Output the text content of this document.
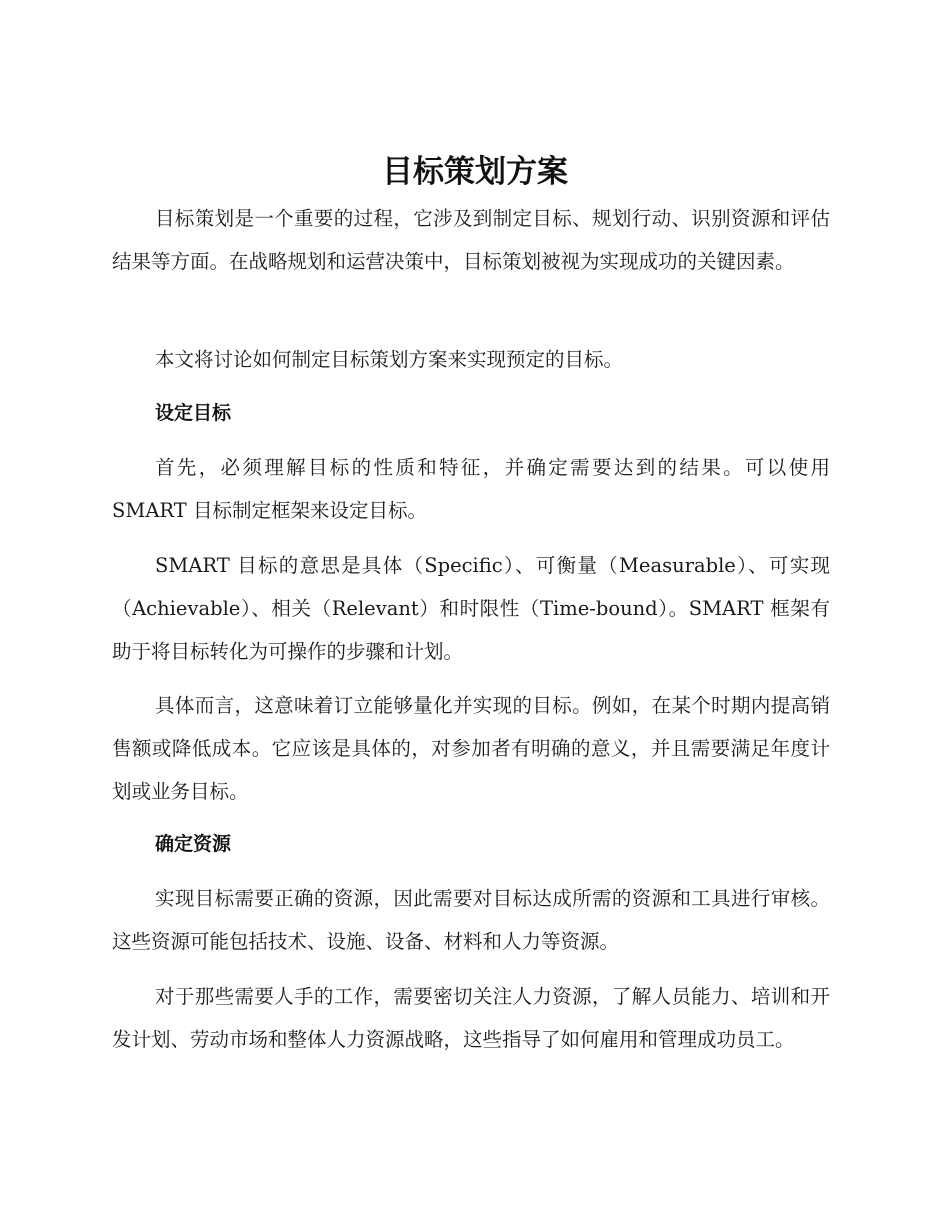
目标策划方案

目标策划是一个重要的过程，它涉及到制定目标、规划行动、识别资源和评估结果等方面。在战略规划和运营决策中，目标策划被视为实现成功的关键因素。

本文将讨论如何制定目标策划方案来实现预定的目标。

设定目标

首先，必须理解目标的性质和特征，并确定需要达到的结果。可以使用 SMART 目标制定框架来设定目标。

SMART 目标的意思是具体（Specific）、可衡量（Measurable）、可实现（Achievable）、相关（Relevant）和时限性（Time-bound）。SMART 框架有助于将目标转化为可操作的步骤和计划。

具体而言，这意味着订立能够量化并实现的目标。例如，在某个时期内提高销售额或降低成本。它应该是具体的，对参加者有明确的意义，并且需要满足年度计划或业务目标。

确定资源

实现目标需要正确的资源，因此需要对目标达成所需的资源和工具进行审核。这些资源可能包括技术、设施、设备、材料和人力等资源。

对于那些需要人手的工作，需要密切关注人力资源，了解人员能力、培训和开发计划、劳动市场和整体人力资源战略，这些指导了如何雇用和管理成功员工。
